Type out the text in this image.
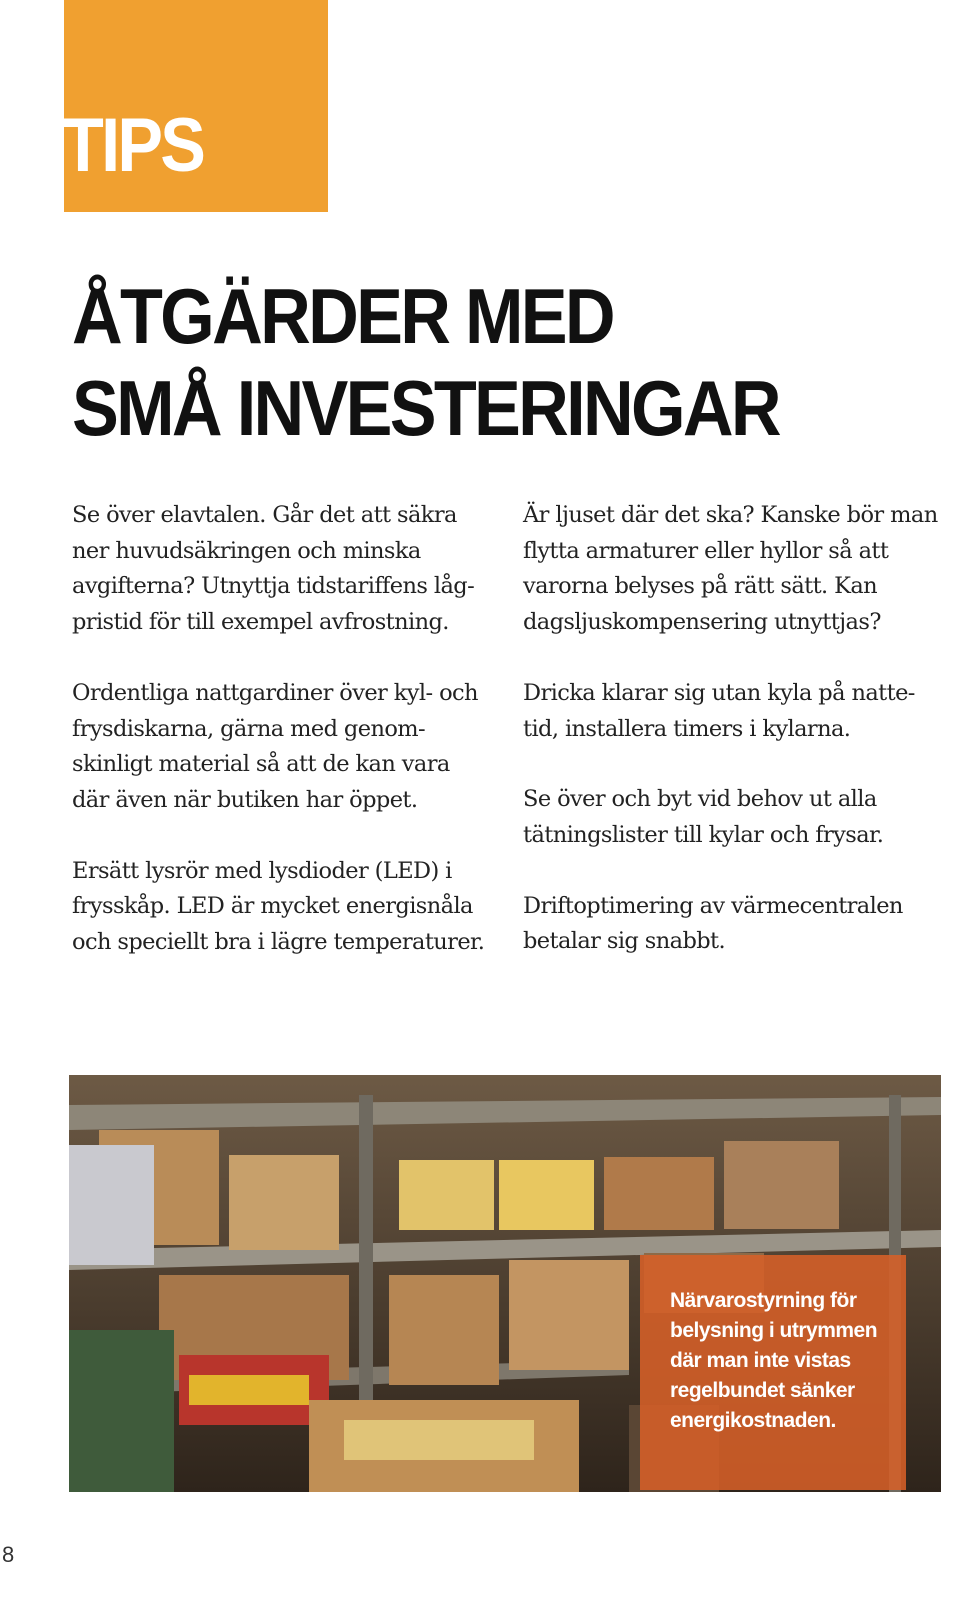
TIPS
ÅTGÄRDER MED
SMÅ INVESTERINGAR

Se över elavtalen. Går det att säkra ner huvudsäkringen och minska avgifterna? Utnyttja tidstariffens lågpristid för till exempel avfrostning.

Ordentliga nattgardiner över kyl- och frysdiskarna, gärna med genomskinligt material så att de kan vara där även när butiken har öppet.

Ersätt lysrör med lysdioder (LED) i frysskåp. LED är mycket energisnåla och speciellt bra i lägre temperaturer.

Är ljuset där det ska? Kanske bör man flytta armaturer eller hyllor så att varorna belyses på rätt sätt. Kan dagsljuskompensering utnyttjas?

Dricka klarar sig utan kyla på nattetid, installera timers i kylarna.

Se över och byt vid behov ut alla tätningslister till kylar och frysar.

Driftoptimering av värmecentralen betalar sig snabbt.

Närvarostyrning för belysning i utrymmen där man inte vistas regelbundet sänker energikostnaden.
8
